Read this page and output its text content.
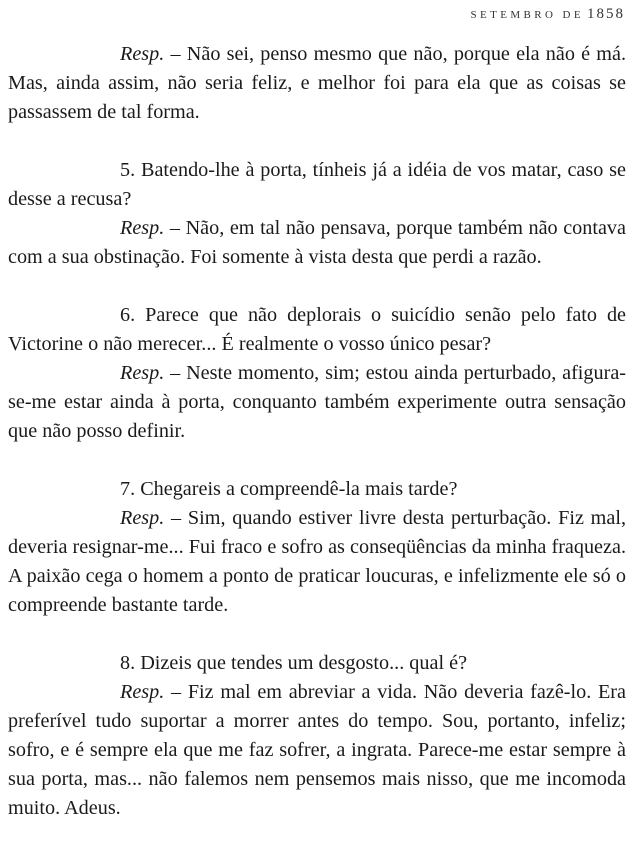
SETEMBRO DE 1858

Resp. – Não sei, penso mesmo que não, porque ela não é má. Mas, ainda assim, não seria feliz, e melhor foi para ela que as coisas se passassem de tal forma.

5. Batendo-lhe à porta, tínheis já a idéia de vos matar, caso se desse a recusa?

Resp. – Não, em tal não pensava, porque também não contava com a sua obstinação. Foi somente à vista desta que perdi a razão.

6. Parece que não deplorais o suicídio senão pelo fato de Victorine o não merecer... É realmente o vosso único pesar?

Resp. – Neste momento, sim; estou ainda perturbado, afigura-se-me estar ainda à porta, conquanto também experimente outra sensação que não posso definir.

7. Chegareis a compreendê-la mais tarde?

Resp. – Sim, quando estiver livre desta perturbação. Fiz mal, deveria resignar-me... Fui fraco e sofro as conseqüências da minha fraqueza. A paixão cega o homem a ponto de praticar loucuras, e infelizmente ele só o compreende bastante tarde.

8. Dizeis que tendes um desgosto... qual é?

Resp. – Fiz mal em abreviar a vida. Não deveria fazê-lo. Era preferível tudo suportar a morrer antes do tempo. Sou, portanto, infeliz; sofro, e é sempre ela que me faz sofrer, a ingrata. Parece-me estar sempre à sua porta, mas... não falemos nem pensemos mais nisso, que me incomoda muito. Adeus.
